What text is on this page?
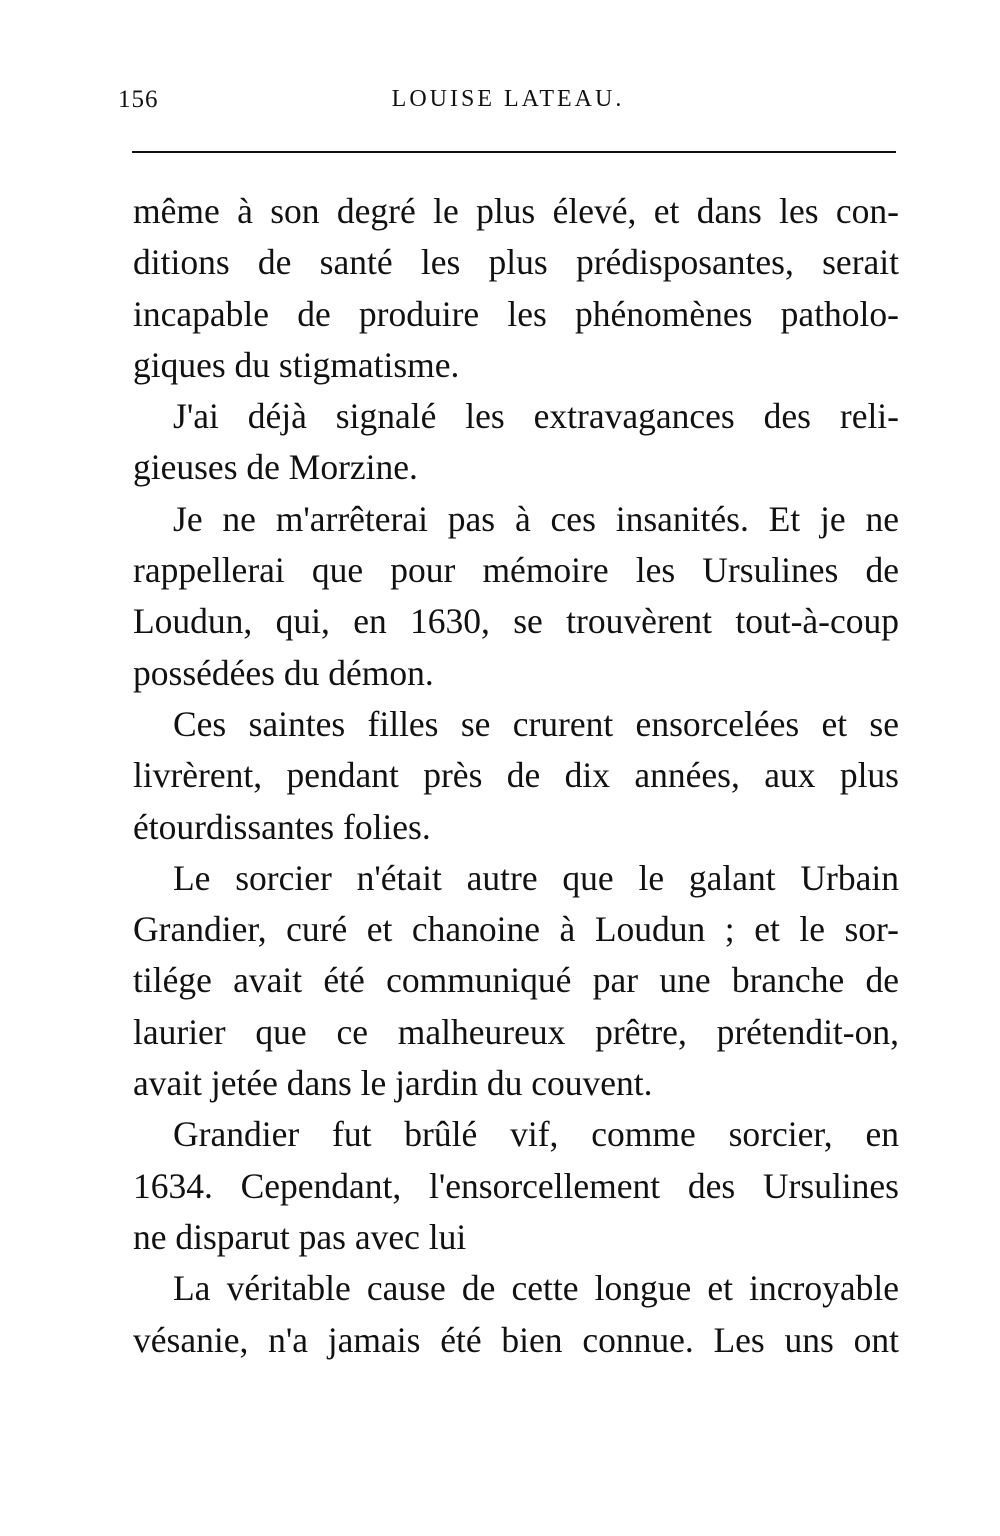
156	LOUISE LATEAU.
même à son degré le plus élevé, et dans les con-
ditions de santé les plus prédisposantes, serait
incapable de produire les phénomènes patholo-
giques du stigmatisme.
J'ai déjà signalé les extravagances des reli-
gieuses de Morzine.
Je ne m'arrêterai pas à ces insanités. Et je ne
rappellerai que pour mémoire les Ursulines de
Loudun, qui, en 1630, se trouvèrent tout-à-coup
possédées du démon.
Ces saintes filles se crurent ensorcelées et se
livrèrent, pendant près de dix années, aux plus
étourdissantes folies.
Le sorcier n'était autre que le galant Urbain
Grandier, curé et chanoine à Loudun ; et le sor-
tilége avait été communiqué par une branche de
laurier que ce malheureux prêtre, prétendit-on,
avait jetée dans le jardin du couvent.
Grandier fut brûlé vif, comme sorcier, en
1634. Cependant, l'ensorcellement des Ursulines
ne disparut pas avec lui
La véritable cause de cette longue et incroyable
vésanie, n'a jamais été bien connue. Les uns ont
